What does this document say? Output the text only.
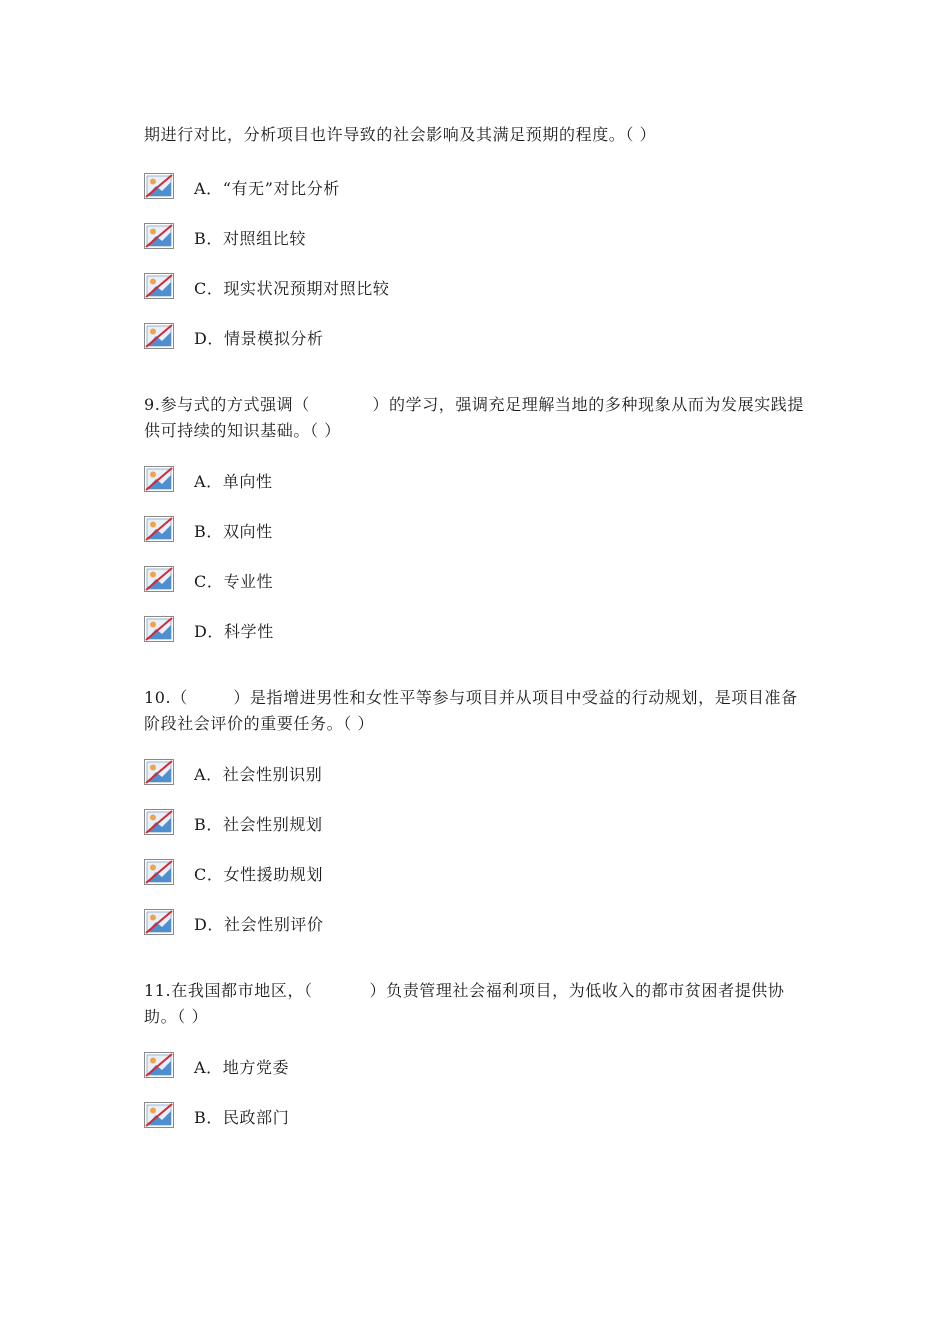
期进行对比，分析项目也许导致的社会影响及其满足预期的程度。（ ）
A．“有无”对比分析
B．对照组比较
C．现实状况预期对照比较
D．情景模拟分析
9.参与式的方式强调（           ）的学习，强调充足理解当地的多种现象从而为发展实践提供可持续的知识基础。（ ）
A．单向性
B．双向性
C．专业性
D．科学性
10.（        ）是指增进男性和女性平等参与项目并从项目中受益的行动规划，是项目准备阶段社会评价的重要任务。（ ）
A．社会性别识别
B．社会性别规划
C．女性援助规划
D．社会性别评价
11.在我国都市地区，（          ）负责管理社会福利项目，为低收入的都市贫困者提供协助。（ ）
A．地方党委
B．民政部门
